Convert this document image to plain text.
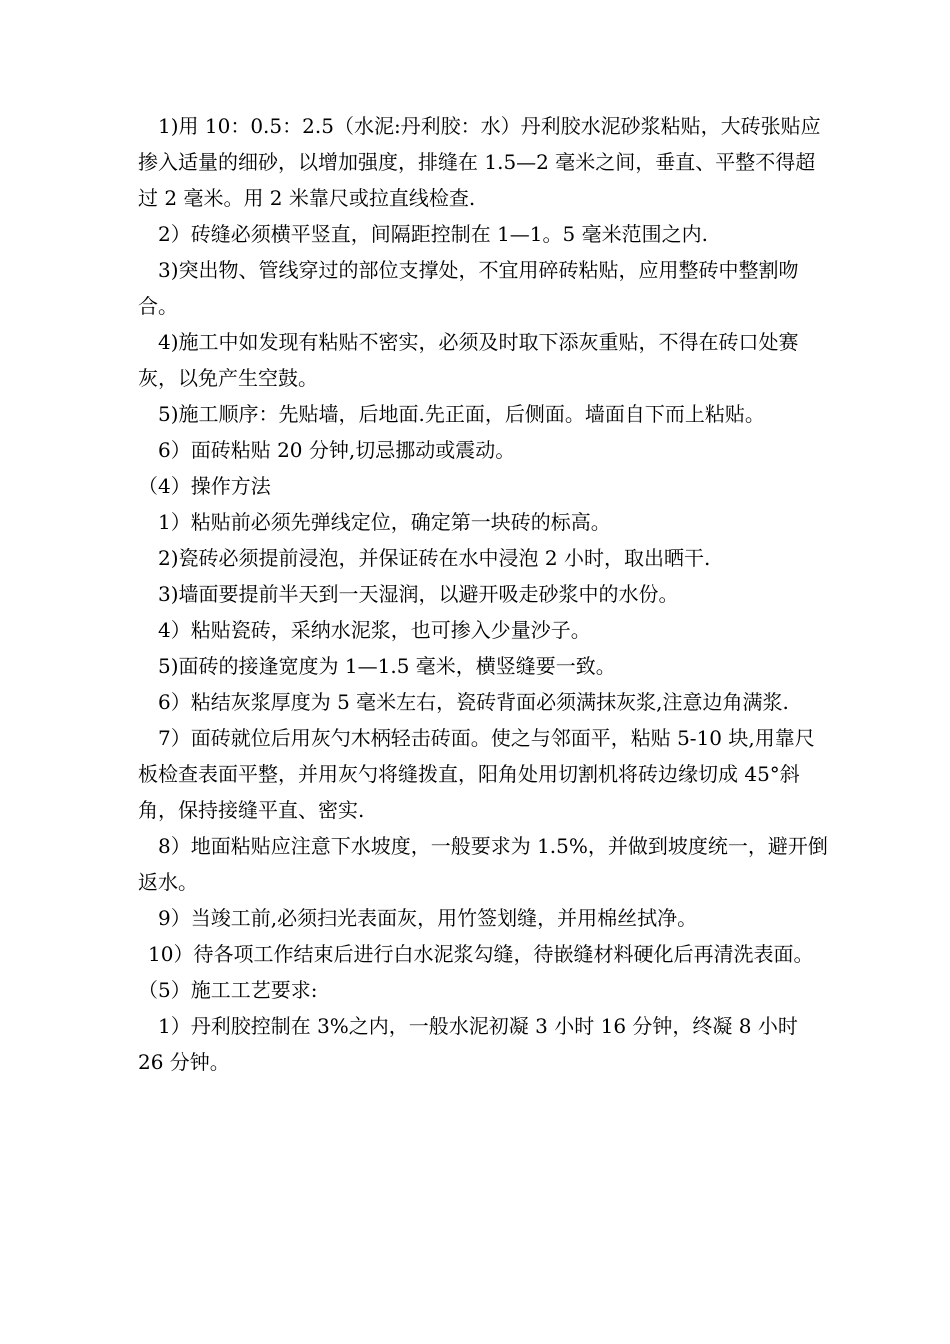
1)用 10：0.5：2.5（水泥:丹利胶：水）丹利胶水泥砂浆粘贴，大砖张贴应掺入适量的细砂，以增加强度，排缝在 1.5—2 毫米之间，垂直、平整不得超过 2 毫米。用 2 米靠尺或拉直线检查.

2）砖缝必须横平竖直，间隔距控制在 1—1。5 毫米范围之内.

3)突出物、管线穿过的部位支撑处，不宜用碎砖粘贴，应用整砖中整割吻合。

4)施工中如发现有粘贴不密实，必须及时取下添灰重贴，不得在砖口处赛灰，以免产生空鼓。

5)施工顺序：先贴墙，后地面.先正面，后侧面。墙面自下而上粘贴。

6）面砖粘贴 20 分钟,切忌挪动或震动。

（4）操作方法

1）粘贴前必须先弹线定位，确定第一块砖的标高。

2)瓷砖必须提前浸泡，并保证砖在水中浸泡 2 小时，取出晒干.

3)墙面要提前半天到一天湿润，以避开吸走砂浆中的水份。

4）粘贴瓷砖，采纳水泥浆，也可掺入少量沙子。

5)面砖的接逢宽度为 1—1.5 毫米，横竖缝要一致。

6）粘结灰浆厚度为 5 毫米左右，瓷砖背面必须满抹灰浆,注意边角满浆.

7）面砖就位后用灰勺木柄轻击砖面。使之与邻面平，粘贴 5-10 块,用靠尺板检查表面平整，并用灰勺将缝拨直，阳角处用切割机将砖边缘切成 45°斜角，保持接缝平直、密实.

8）地面粘贴应注意下水坡度，一般要求为 1.5%，并做到坡度统一，避开倒返水。

9）当竣工前,必须扫光表面灰，用竹签划缝，并用棉丝拭净。

10）待各项工作结束后进行白水泥浆勾缝，待嵌缝材料硬化后再清洗表面。

（5）施工工艺要求:

1）丹利胶控制在 3%之内，一般水泥初凝 3 小时 16 分钟，终凝 8 小时 26 分钟。
